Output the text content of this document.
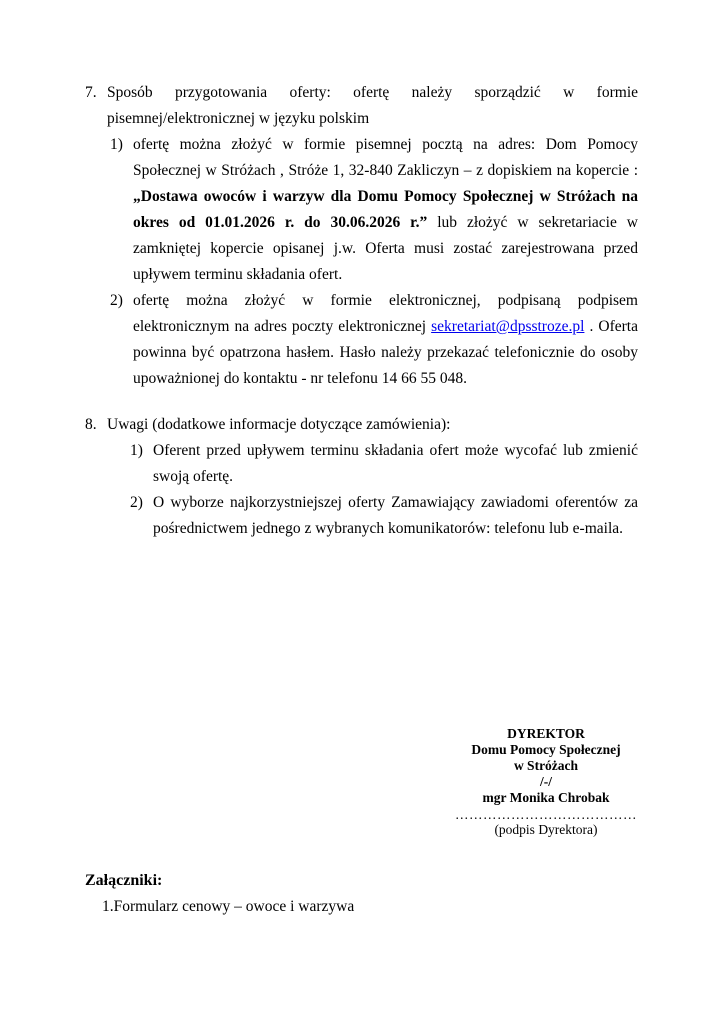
7. Sposób przygotowania oferty: ofertę należy sporządzić w formie pisemnej/elektronicznej w języku polskim

1) ofertę można złożyć w formie pisemnej pocztą na adres: Dom Pomocy Społecznej w Stróżach , Stróże 1, 32-840 Zakliczyn – z dopiskiem na kopercie : „Dostawa owoców i warzyw dla Domu Pomocy Społecznej w Stróżach na okres od 01.01.2026 r. do 30.06.2026 r.” lub złożyć w sekretariacie w zamkniętej kopercie opisanej j.w. Oferta musi zostać zarejestrowana przed upływem terminu składania ofert.

2) ofertę można złożyć w formie elektronicznej, podpisaną podpisem elektronicznym na adres poczty elektronicznej sekretariat@dpsstroze.pl . Oferta powinna być opatrzona hasłem. Hasło należy przekazać telefonicznie do osoby upoważnionej do kontaktu - nr telefonu 14 66 55 048.

8. Uwagi (dodatkowe informacje dotyczące zamówienia):

1) Oferent przed upływem terminu składania ofert może wycofać lub zmienić swoją ofertę.

2) O wyborze najkorzystniejszej oferty Zamawiający zawiadomi oferentów za pośrednictwem jednego z wybranych komunikatorów: telefonu lub e-maila.

DYREKTOR
Domu Pomocy Społecznej
w Stróżach
/-/
mgr Monika Chrobak
…………………………………
(podpis Dyrektora)
Załączniki:
1.Formularz cenowy – owoce i warzywa
